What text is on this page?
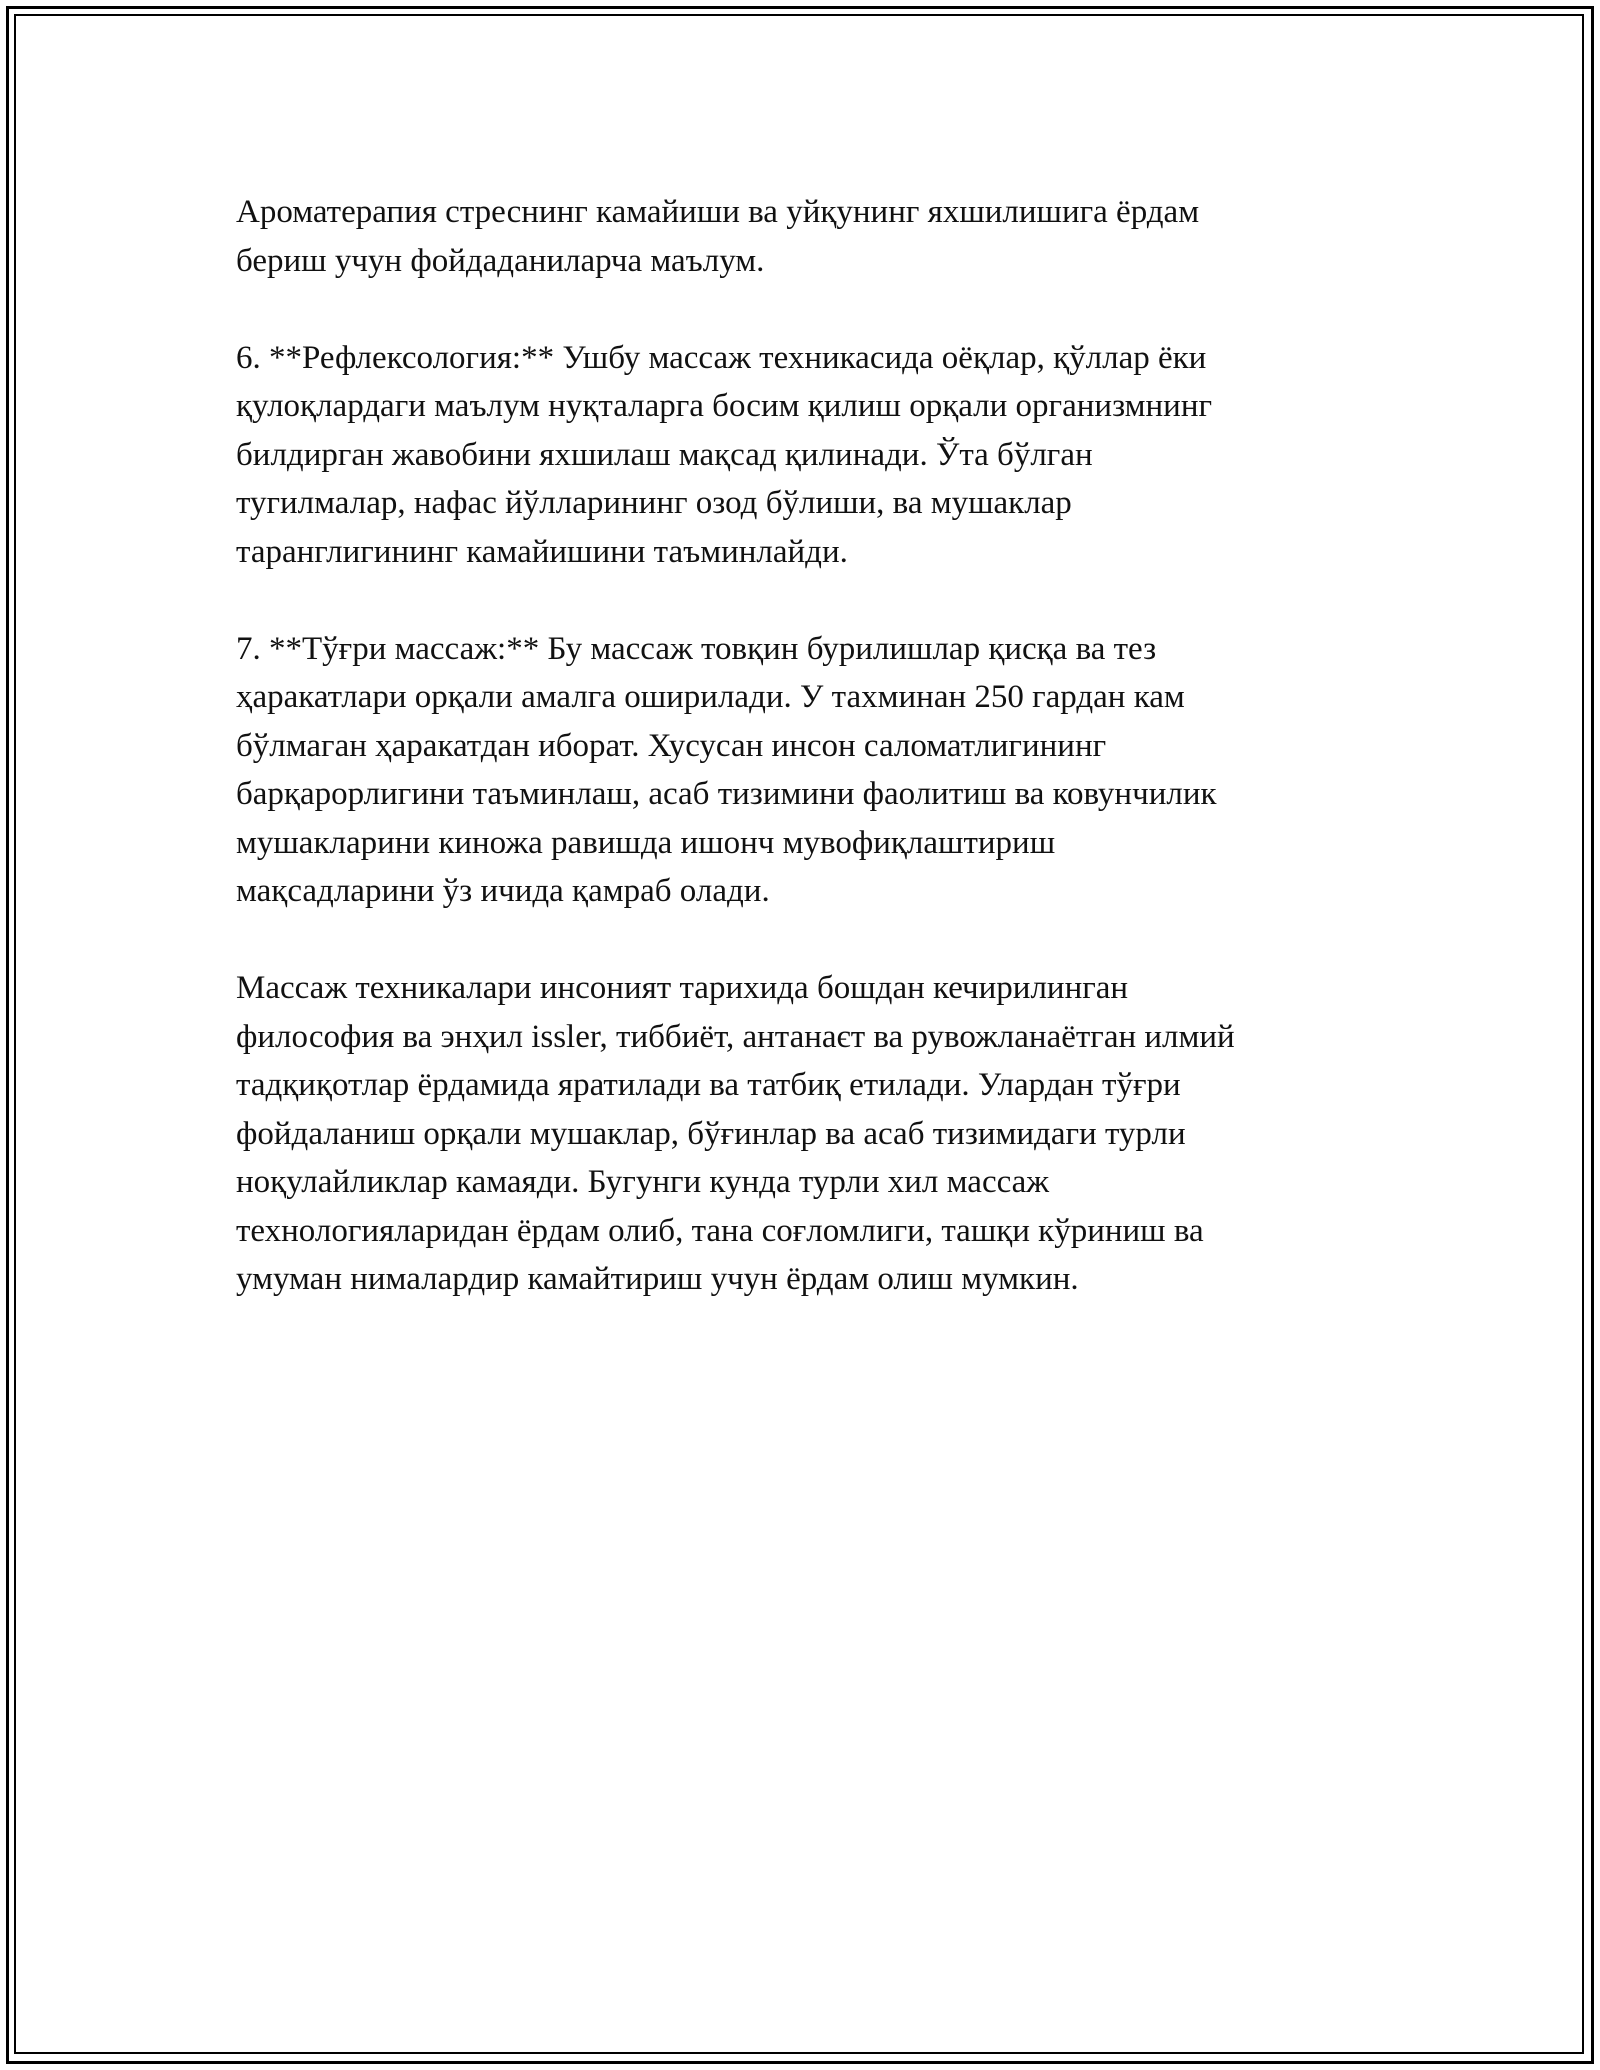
Ароматерапия стреснинг камайиши ва уйқунинг яхшилишига ёрдам
бериш учун фойдаданиларча маълум.

6. **Рефлексология:** Ушбу массаж техникасида оёқлар, қўллар ёки
қулоқлардаги маълум нуқталарга босим қилиш орқали организмнинг
билдирган жавобини яхшилаш мақсад қилинади. Ўта бўлган
тугилмалар, нафас йўлларининг озод бўлиши, ва мушаклар
таранглигининг камайишини таъминлайди.

7. **Тўғри массаж:** Бу массаж товқин бурилишлар қисқа ва тез
ҳаракатлари орқали амалга оширилади. У тахминан 250 гардан кам
бўлмаган ҳаракатдан иборат. Хусусан инсон саломатлигининг
барқарорлигини таъминлаш, асаб тизимини фаолитиш ва ковунчилик
мушакларини киножа равишда ишонч мувофиқлаштириш
мақсадларини ўз ичида қамраб олади.

Массаж техникалари инсоният тарихида бошдан кечирилинган
философия ва энҳил issler, тиббиёт, антанаєт ва рувожланаётган илмий
тадқиқотлар ёрдамида яратилади ва татбиқ етилади. Улардан тўғри
фойдаланиш орқали мушаклар, бўғинлар ва асаб тизимидаги турли
ноқулайликлар камаяди. Бугунги кунда турли хил массаж
технологияларидан ёрдам олиб, тана соғломлиги, ташқи кўриниш ва
умуман нималардир камайтириш учун ёрдам олиш мумкин.
